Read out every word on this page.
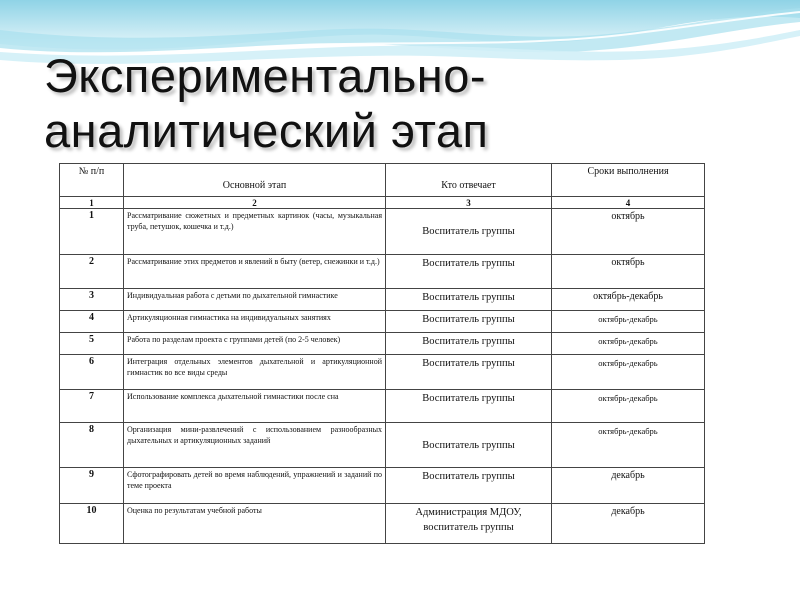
Экспериментально-
аналитический этап
№ п/п	Основной этап	Кто отвечает	Сроки выполнения
1	2	3	4
1	Рассматривание сюжетных и предметных картинок (часы, музыкальная труба, петушок, кошечка и т.д.)	Воспитатель группы	октябрь
2	Рассматривание этих предметов и явлений в быту (ветер, снежинки и т.д.)	Воспитатель группы	октябрь
3	Индивидуальная работа с детьми по дыхательной гимнастике	Воспитатель группы	октябрь-декабрь
4	Артикуляционная гимнастика на индивидуальных занятиях	Воспитатель группы	октябрь-декабрь
5	Работа по разделам проекта с группами детей (по 2-5 человек)	Воспитатель группы	октябрь-декабрь
6	Интеграция отдельных элементов дыхательной и артикуляционной гимнастик во все виды среды	Воспитатель группы	октябрь-декабрь
7	Использование комплекса дыхательной гимнастики после сна	Воспитатель группы	октябрь-декабрь
8	Организация мини-развлечений с использованием разнообразных дыхательных и артикуляционных заданий	Воспитатель группы	октябрь-декабрь
9	Сфотографировать детей во время наблюдений, упражнений и заданий по теме проекта	Воспитатель группы	декабрь
10	Оценка по результатам учебной работы	Администрация МДОУ, воспитатель группы	декабрь
